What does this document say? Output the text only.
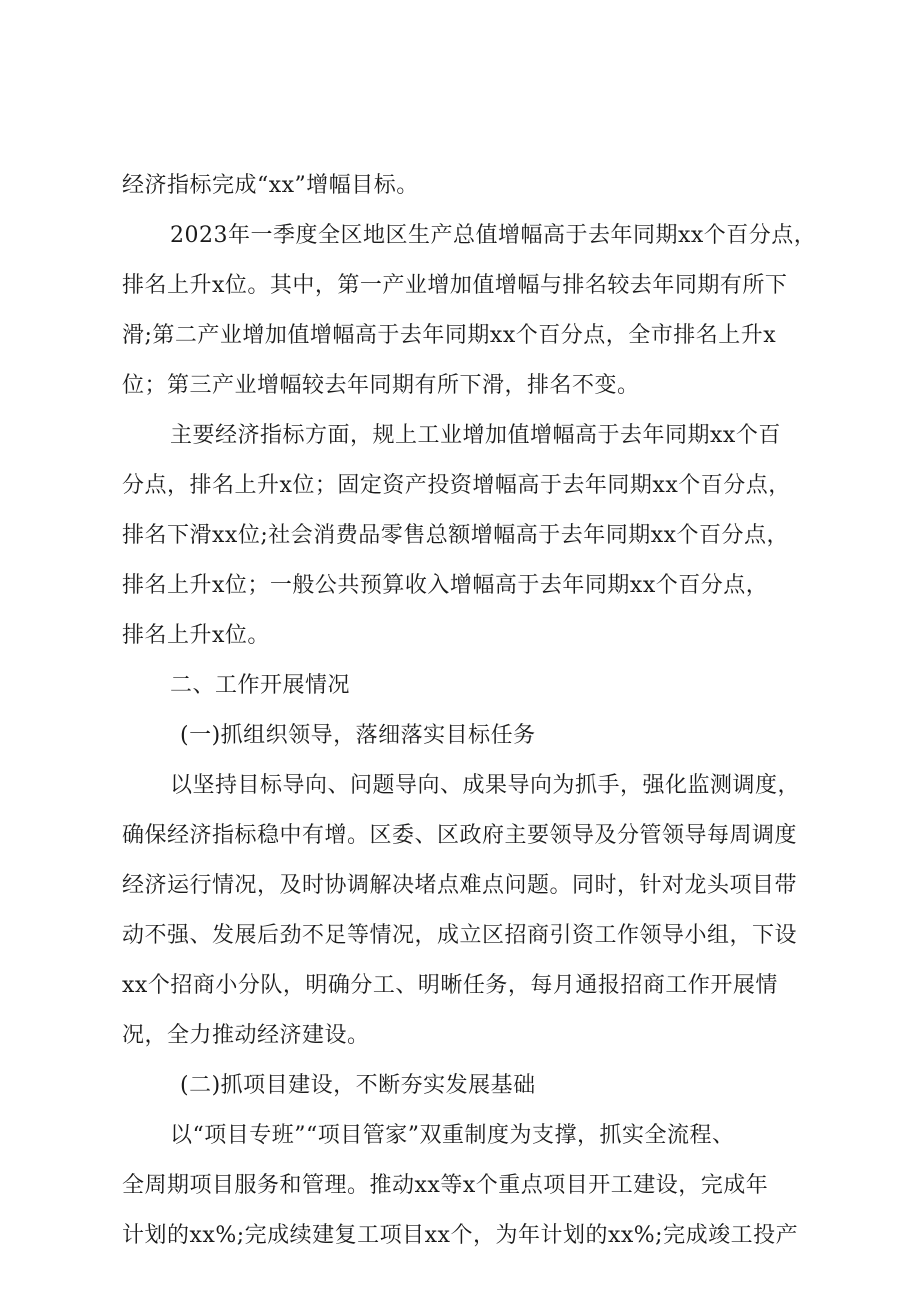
经济指标完成“xx”增幅目标。
2023年一季度全区地区生产总值增幅高于去年同期xx个百分点，
排名上升x位。其中，第一产业增加值增幅与排名较去年同期有所下
滑;第二产业增加值增幅高于去年同期xx个百分点，全市排名上升x
位；第三产业增幅较去年同期有所下滑，排名不变。
主要经济指标方面，规上工业增加值增幅高于去年同期xx个百
分点，排名上升x位；固定资产投资增幅高于去年同期xx个百分点，
排名下滑xx位;社会消费品零售总额增幅高于去年同期xx个百分点，
排名上升x位；一般公共预算收入增幅高于去年同期xx个百分点，
排名上升x位。
二、工作开展情况
(一)抓组织领导，落细落实目标任务
以坚持目标导向、问题导向、成果导向为抓手，强化监测调度，
确保经济指标稳中有增。区委、区政府主要领导及分管领导每周调度
经济运行情况，及时协调解决堵点难点问题。同时，针对龙头项目带
动不强、发展后劲不足等情况，成立区招商引资工作领导小组，下设
xx个招商小分队，明确分工、明晰任务，每月通报招商工作开展情
况，全力推动经济建设。
(二)抓项目建设，不断夯实发展基础
以“项目专班”“项目管家”双重制度为支撑，抓实全流程、
全周期项目服务和管理。推动xx等x个重点项目开工建设，完成年
计划的xx%;完成续建复工项目xx个，为年计划的xx%;完成竣工投产
